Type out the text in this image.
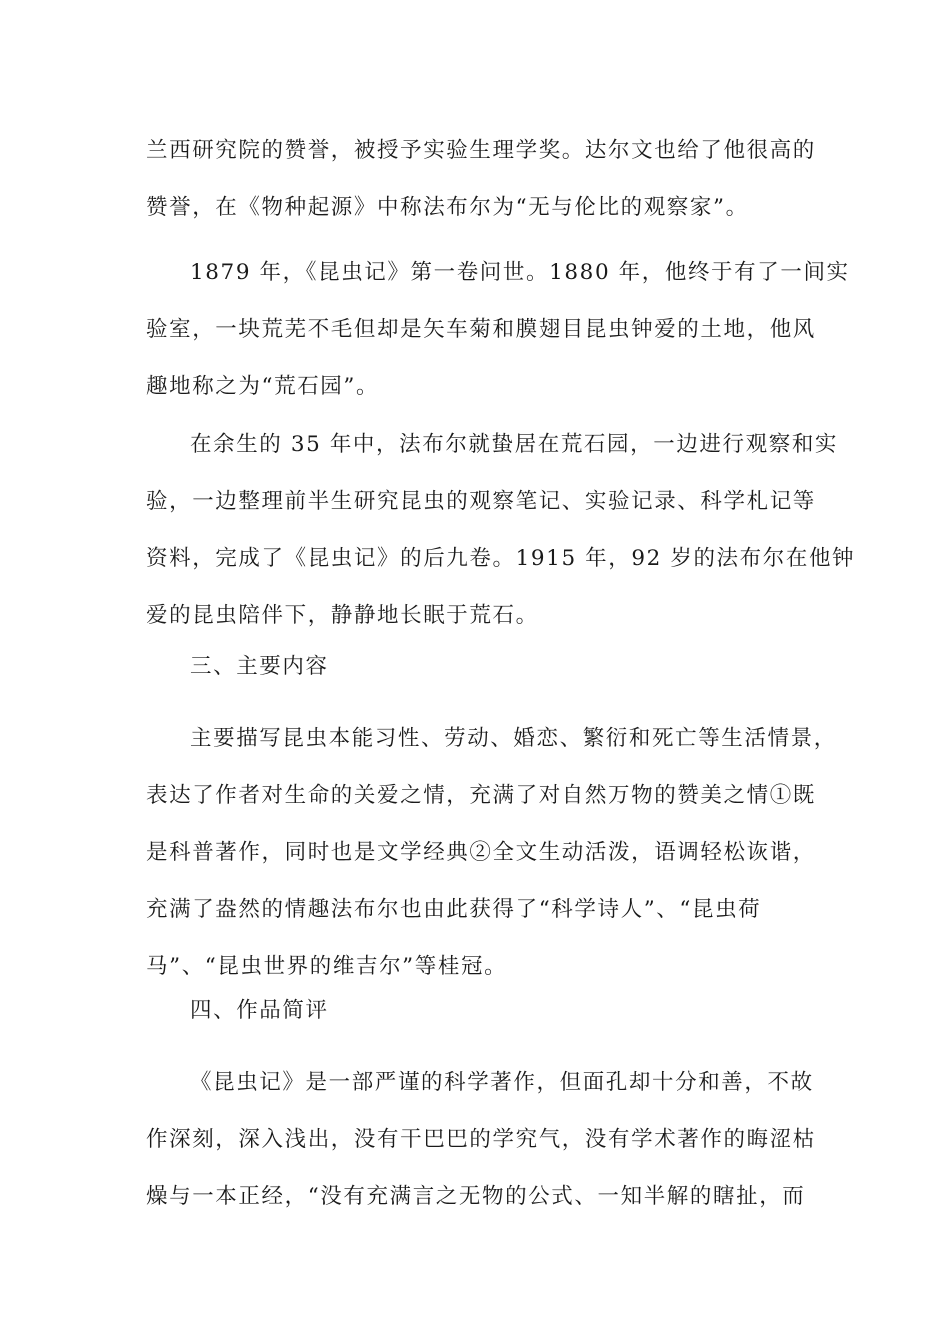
兰西研究院的赞誉，被授予实验生理学奖。达尔文也给了他很高的
赞誉，在《物种起源》中称法布尔为“无与伦比的观察家”。

1879 年，《昆虫记》第一卷问世。1880 年，他终于有了一间实
验室，一块荒芜不毛但却是矢车菊和膜翅目昆虫钟爱的土地，他风
趣地称之为“荒石园”。

在余生的 35 年中，法布尔就蛰居在荒石园，一边进行观察和实
验，一边整理前半生研究昆虫的观察笔记、实验记录、科学札记等
资料，完成了《昆虫记》的后九卷。1915 年，92 岁的法布尔在他钟
爱的昆虫陪伴下，静静地长眠于荒石。

三、主要内容

主要描写昆虫本能习性、劳动、婚恋、繁衍和死亡等生活情景，
表达了作者对生命的关爱之情，充满了对自然万物的赞美之情①既
是科普著作，同时也是文学经典②全文生动活泼，语调轻松诙谐，
充满了盎然的情趣法布尔也由此获得了“科学诗人”、“昆虫荷
马”、“昆虫世界的维吉尔”等桂冠。

四、作品简评

《昆虫记》是一部严谨的科学著作，但面孔却十分和善，不故
作深刻，深入浅出，没有干巴巴的学究气，没有学术著作的晦涩枯
燥与一本正经，“没有充满言之无物的公式、一知半解的瞎扯，而
